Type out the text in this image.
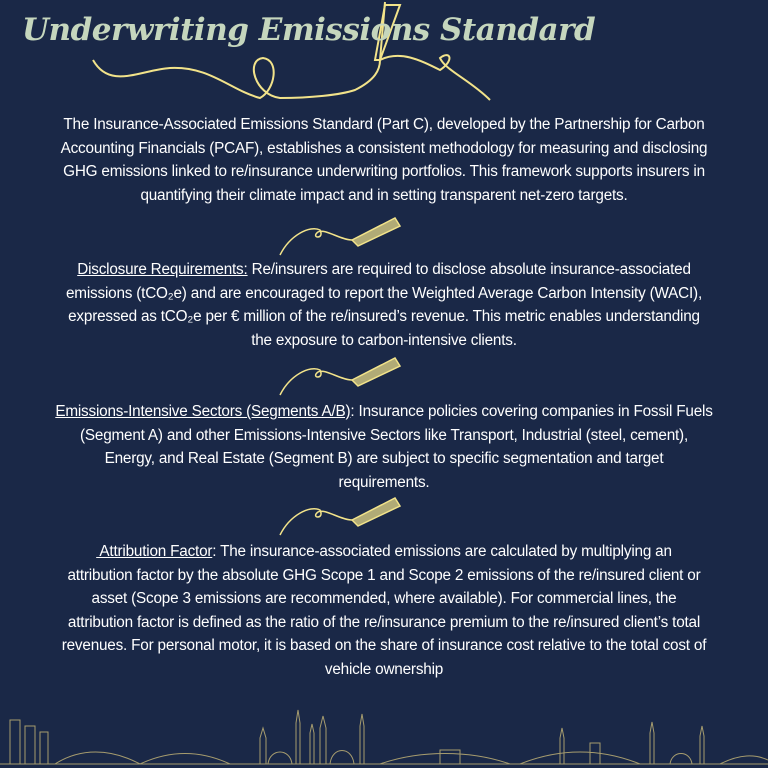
Underwriting Emissions Standard
The Insurance-Associated Emissions Standard (Part C), developed by the Partnership for Carbon
Accounting Financials (PCAF), establishes a consistent methodology for measuring and disclosing
GHG emissions linked to re/insurance underwriting portfolios. This framework supports insurers in
quantifying their climate impact and in setting transparent net-zero targets.
Disclosure Requirements: Re/insurers are required to disclose absolute insurance-associated
emissions (tCO₂e) and are encouraged to report the Weighted Average Carbon Intensity (WACI),
expressed as tCO₂e per € million of the re/insured’s revenue. This metric enables understanding
the exposure to carbon-intensive clients.
Emissions-Intensive Sectors (Segments A/B): Insurance policies covering companies in Fossil Fuels
(Segment A) and other Emissions-Intensive Sectors like Transport, Industrial (steel, cement),
Energy, and Real Estate (Segment B) are subject to specific segmentation and target
requirements.
Attribution Factor: The insurance-associated emissions are calculated by multiplying an
attribution factor by the absolute GHG Scope 1 and Scope 2 emissions of the re/insured client or
asset (Scope 3 emissions are recommended, where available). For commercial lines, the
attribution factor is defined as the ratio of the re/insurance premium to the re/insured client’s total
revenues. For personal motor, it is based on the share of insurance cost relative to the total cost of
vehicle ownership
